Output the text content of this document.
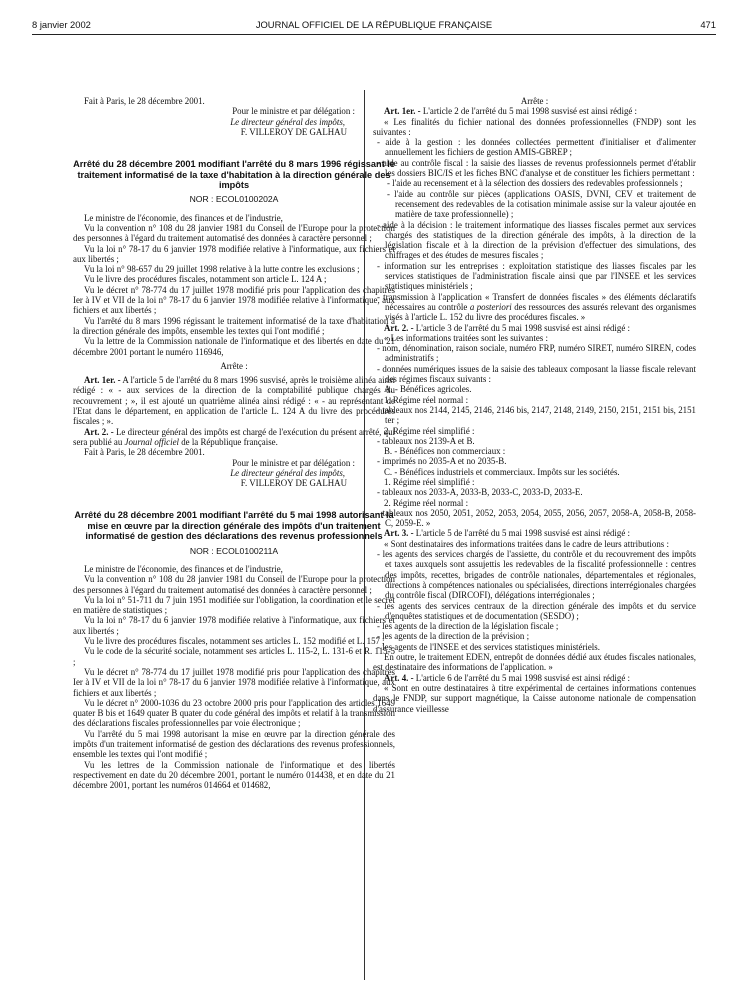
8 janvier 2002	JOURNAL OFFICIEL DE LA RÉPUBLIQUE FRANÇAISE	471

Fait à Paris, le 28 décembre 2001.

Pour le ministre et par délégation :

Le directeur général des impôts,

F. VILLEROY DE GALHAU

Arrêté du 28 décembre 2001 modifiant l'arrêté du 8 mars 1996 régissant le traitement informatisé de la taxe d'habitation à la direction générale des impôts

NOR : ECOL0100202A

Le ministre de l'économie, des finances et de l'industrie,

Vu la convention n° 108 du 28 janvier 1981 du Conseil de l'Europe pour la protection des personnes à l'égard du traitement automatisé des données à caractère personnel ;

Vu la loi n° 78-17 du 6 janvier 1978 modifiée relative à l'informatique, aux fichiers et aux libertés ;

Vu la loi n° 98-657 du 29 juillet 1998 relative à la lutte contre les exclusions ;

Vu le livre des procédures fiscales, notamment son article L. 124 A ;

Vu le décret n° 78-774 du 17 juillet 1978 modifié pris pour l'application des chapitres Ier à IV et VII de la loi n° 78-17 du 6 janvier 1978 modifiée relative à l'informatique, aux fichiers et aux libertés ;

Vu l'arrêté du 8 mars 1996 régissant le traitement informatisé de la taxe d'habitation à la direction générale des impôts, ensemble les textes qui l'ont modifié ;

Vu la lettre de la Commission nationale de l'informatique et des libertés en date du 21 décembre 2001 portant le numéro 116946,

Arrête :

Art. 1er. - A l'article 5 de l'arrêté du 8 mars 1996 susvisé, après le troisième alinéa ainsi rédigé : « - aux services de la direction de la comptabilité publique chargés du recouvrement ; », il est ajouté un quatrième alinéa ainsi rédigé : « - au représentant de l'Etat dans le département, en application de l'article L. 124 A du livre des procédures fiscales ; ».

Art. 2. - Le directeur général des impôts est chargé de l'exécution du présent arrêté, qui sera publié au Journal officiel de la République française.

Fait à Paris, le 28 décembre 2001.

Pour le ministre et par délégation :

Le directeur général des impôts,

F. VILLEROY DE GALHAU

Arrêté du 28 décembre 2001 modifiant l'arrêté du 5 mai 1998 autorisant la mise en œuvre par la direction générale des impôts d'un traitement informatisé de gestion des déclarations des revenus professionnels

NOR : ECOL0100211A

Le ministre de l'économie, des finances et de l'industrie,

Vu la convention n° 108 du 28 janvier 1981 du Conseil de l'Europe pour la protection des personnes à l'égard du traitement automatisé des données à caractère personnel ;

Vu la loi n° 51-711 du 7 juin 1951 modifiée sur l'obligation, la coordination et le secret en matière de statistiques ;

Vu la loi n° 78-17 du 6 janvier 1978 modifiée relative à l'informatique, aux fichiers et aux libertés ;

Vu le livre des procédures fiscales, notamment ses articles L. 152 modifié et L. 157 ;

Vu le code de la sécurité sociale, notamment ses articles L. 115-2, L. 131-6 et R. 115-5 ;

Vu le décret n° 78-774 du 17 juillet 1978 modifié pris pour l'application des chapitres Ier à IV et VII de la loi n° 78-17 du 6 janvier 1978 modifiée relative à l'informatique, aux fichiers et aux libertés ;

Vu le décret n° 2000-1036 du 23 octobre 2000 pris pour l'application des articles 1649 quater B bis et 1649 quater B quater du code général des impôts et relatif à la transmission des déclarations fiscales professionnelles par voie électronique ;

Vu l'arrêté du 5 mai 1998 autorisant la mise en œuvre par la direction générale des impôts d'un traitement informatisé de gestion des déclarations des revenus professionnels, ensemble les textes qui l'ont modifié ;

Vu les lettres de la Commission nationale de l'informatique et des libertés respectivement en date du 20 décembre 2001, portant le numéro 014438, et en date du 21 décembre 2001, portant les numéros 014664 et 014682,

Arrête :

Art. 1er. - L'article 2 de l'arrêté du 5 mai 1998 susvisé est ainsi rédigé :

« Les finalités du fichier national des données professionnelles (FNDP) sont les suivantes :

- aide à la gestion : les données collectées permettent d'initialiser et d'alimenter annuellement les fichiers de gestion AMIS-GBREP ;

- aide au contrôle fiscal : la saisie des liasses de revenus professionnels permet d'établir les dossiers BIC/IS et les fiches BNC d'analyse et de constituer les fichiers permettant :

- l'aide au recensement et à la sélection des dossiers des redevables professionnels ;

- l'aide au contrôle sur pièces (applications OASIS, DVNI, CEV et traitement de recensement des redevables de la cotisation minimale assise sur la valeur ajoutée en matière de taxe professionnelle) ;

- aide à la décision : le traitement informatique des liasses fiscales permet aux services chargés des statistiques de la direction générale des impôts, à la direction de la législation fiscale et à la direction de la prévision d'effectuer des simulations, des chiffrages et des études de mesures fiscales ;

- information sur les entreprises : exploitation statistique des liasses fiscales par les services statistiques de l'administration fiscale ainsi que par l'INSEE et les services statistiques ministériels ;

- transmission à l'application « Transfert de données fiscales » des éléments déclaratifs nécessaires au contrôle a posteriori des ressources des assurés relevant des organismes visés à l'article L. 152 du livre des procédures fiscales. »

Art. 2. - L'article 3 de l'arrêté du 5 mai 1998 susvisé est ainsi rédigé :

« Les informations traitées sont les suivantes :

- nom, dénomination, raison sociale, numéro FRP, numéro SIRET, numéro SIREN, codes administratifs ;

- données numériques issues de la saisie des tableaux composant la liasse fiscale relevant des régimes fiscaux suivants :

A. - Bénéfices agricoles.

1. Régime réel normal :

- tableaux nos 2144, 2145, 2146, 2146 bis, 2147, 2148, 2149, 2150, 2151, 2151 bis, 2151 ter ;

2. Régime réel simplifié :

- tableaux nos 2139-A et B.

B. - Bénéfices non commerciaux :

- imprimés no 2035-A et no 2035-B.

C. - Bénéfices industriels et commerciaux. Impôts sur les sociétés.

1. Régime réel simplifié :

- tableaux nos 2033-A, 2033-B, 2033-C, 2033-D, 2033-E.

2. Régime réel normal :

- tableaux nos 2050, 2051, 2052, 2053, 2054, 2055, 2056, 2057, 2058-A, 2058-B, 2058-C, 2059-E. »

Art. 3. - L'article 5 de l'arrêté du 5 mai 1998 susvisé est ainsi rédigé :

« Sont destinataires des informations traitées dans le cadre de leurs attributions :

- les agents des services chargés de l'assiette, du contrôle et du recouvrement des impôts et taxes auxquels sont assujettis les redevables de la fiscalité professionnelle : centres des impôts, recettes, brigades de contrôle nationales, départementales et régionales, directions à compétences nationales ou spécialisées, directions interrégionales chargées du contrôle fiscal (DIRCOFI), délégations interrégionales ;

- les agents des services centraux de la direction générale des impôts et du service d'enquêtes statistiques et de documentation (SESDO) ;

- les agents de la direction de la législation fiscale ;

- les agents de la direction de la prévision ;

- les agents de l'INSEE et des services statistiques ministériels.

En outre, le traitement EDEN, entrepôt de données dédié aux études fiscales nationales, est destinataire des informations de l'application. »

Art. 4. - L'article 6 de l'arrêté du 5 mai 1998 susvisé est ainsi rédigé :

« Sont en outre destinataires à titre expérimental de certaines informations contenues dans le FNDP, sur support magnétique, la Caisse autonome nationale de compensation d'assurance vieillesse
